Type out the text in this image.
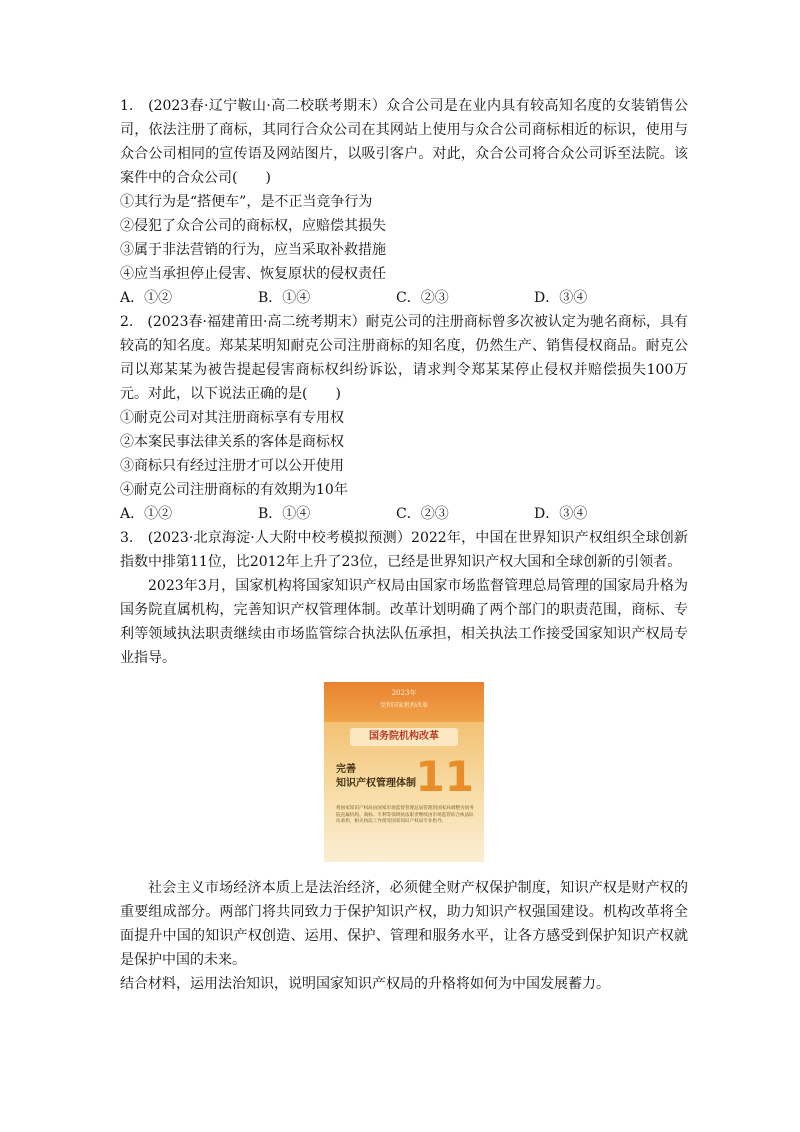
1.　(2023春·辽宁鞍山·高二校联考期末）众合公司是在业内具有较高知名度的女装销售公司，依法注册了商标，其同行合众公司在其网站上使用与众合公司商标相近的标识，使用与众合公司相同的宣传语及网站图片，以吸引客户。对此，众合公司将合众公司诉至法院。该案件中的合众公司(　　)

①其行为是“搭便车”，是不正当竞争行为

②侵犯了众合公司的商标权，应赔偿其损失

③属于非法营销的行为，应当采取补救措施

④应当承担停止侵害、恢复原状的侵权责任

A．①②	B．①④	C．②③	D．③④

2.　(2023春·福建莆田·高二统考期末）耐克公司的注册商标曾多次被认定为驰名商标，具有较高的知名度。郑某某明知耐克公司注册商标的知名度，仍然生产、销售侵权商品。耐克公司以郑某某为被告提起侵害商标权纠纷诉讼，请求判令郑某某停止侵权并赔偿损失100万元。对此，以下说法正确的是(　　)

①耐克公司对其注册商标享有专用权

②本案民事法律关系的客体是商标权

③商标只有经过注册才可以公开使用

④耐克公司注册商标的有效期为10年

A．①②	B．①④	C．②③	D．③④

3.　(2023·北京海淀·人大附中校考模拟预测）2022年，中国在世界知识产权组织全球创新指数中排第11位，比2012年上升了23位，已经是世界知识产权大国和全球创新的引领者。

2023年3月，国家机构将国家知识产权局由国家市场监督管理总局管理的国家局升格为国务院直属机构，完善知识产权管理体制。改革计划明确了两个部门的职责范围，商标、专利等领域执法职责继续由市场监管综合执法队伍承担，相关执法工作接受国家知识产权局专业指导。

2023年
党和国家机构改革
国务院机构改革
完善
知识产权管理体制 11
将国家知识产权局由国家市场监督管理总局管理的国家局调整为国务院直属机构。商标、专利等领域执法职责继续由市场监管综合执法队伍承担，相关执法工作接受国家知识产权局专业指导。

社会主义市场经济本质上是法治经济，必须健全财产权保护制度，知识产权是财产权的重要组成部分。两部门将共同致力于保护知识产权，助力知识产权强国建设。机构改革将全面提升中国的知识产权创造、运用、保护、管理和服务水平，让各方感受到保护知识产权就是保护中国的未来。

结合材料，运用法治知识，说明国家知识产权局的升格将如何为中国发展蓄力。
